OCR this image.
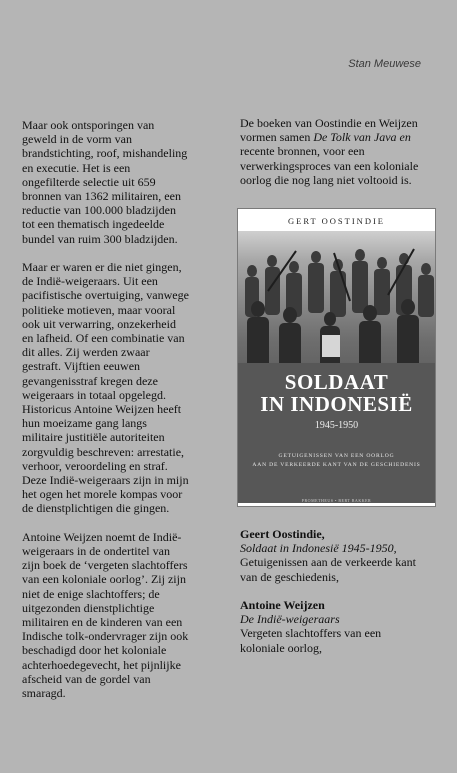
Stan Meuwese

Maar ook ontsporingen van
geweld in de vorm van
brandstichting, roof, mishandeling
en executie. Het is een
ongefilterde selectie uit 659
bronnen van 1362 militairen, een
reductie van 100.000 bladzijden
tot een thematisch ingedeelde
bundel van ruim 300 bladzijden.

Maar er waren er die niet gingen,
de Indië-weigeraars. Uit een
pacifistische overtuiging, vanwege
politieke motieven, maar vooral
ook uit verwarring, onzekerheid
en lafheid. Of een combinatie van
dit alles. Zij werden zwaar
gestraft. Vijftien eeuwen
gevangenisstraf kregen deze
weigeraars in totaal opgelegd.
Historicus Antoine Weijzen heeft
hun moeizame gang langs
militaire justitiële autoriteiten
zorgvuldig beschreven: arrestatie,
verhoor, veroordeling en straf.
Deze Indië-weigeraars zijn in mijn
het ogen het morele kompas voor
de dienstplichtigen die gingen.

Antoine Weijzen noemt de Indië-
weigeraars in de ondertitel van
zijn boek de ‘vergeten slachtoffers
van een koloniale oorlog’. Zij zijn
niet de enige slachtoffers; de
uitgezonden dienstplichtige
militairen en de kinderen van een
Indische tolk-ondervrager zijn ook
beschadigd door het koloniale
achterhoedegevecht, het pijnlijke
afscheid van de gordel van
smaragd.

De boeken van Oostindie en Weijzen
vormen samen De Tolk van Java en
recente bronnen, voor een
verwerkingsproces van een koloniale
oorlog die nog lang niet voltooid is.

GERT OOSTINDIE
SOLDAAT
IN INDONESIË
1945-1950
GETUIGENISSEN VAN EEN OORLOG
AAN DE VERKEERDE KANT VAN DE GESCHIEDENIS
PROMETHEUS • BERT BAKKER
Geert Oostindie,
Soldaat in Indonesië 1945-1950,
Getuigenissen aan de verkeerde kant
van de geschiedenis,
Antoine Weijzen
De Indië-weigeraars
Vergeten slachtoffers van een
koloniale oorlog,
